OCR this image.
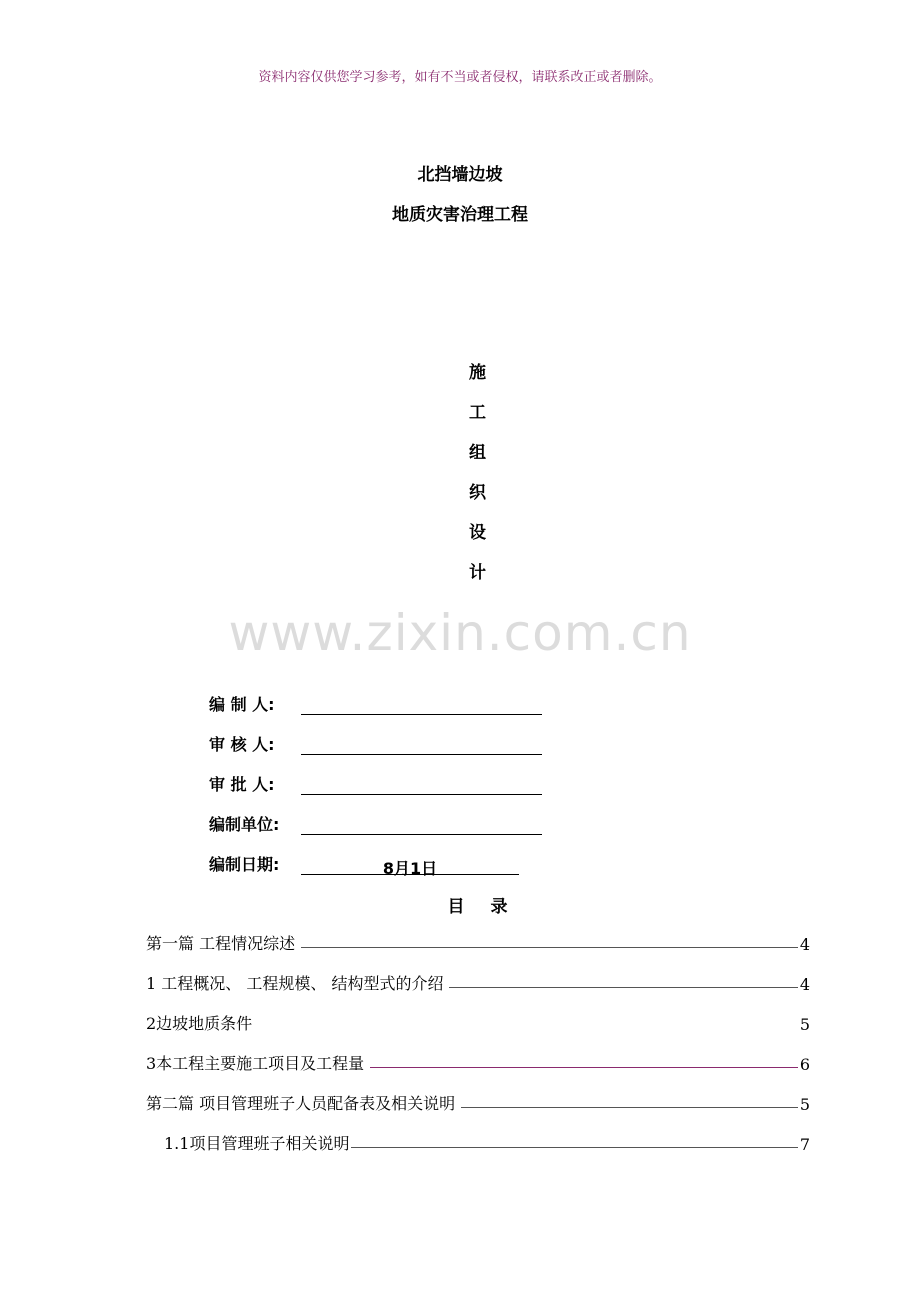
资料内容仅供您学习参考，如有不当或者侵权，请联系改正或者删除。
北挡墙边坡
地质灾害治理工程
施
工
组
织
设
计
www.zixin.com.cn
编 制 人:
审 核 人:
审 批 人:
编制单位:
编制日期:	8月1日
目 录
第一篇 工程情况综述	4
1 工程概况、 工程规模、 结构型式的介绍	4
2边坡地质条件	5
3本工程主要施工项目及工程量	6
第二篇 项目管理班子人员配备表及相关说明	5
1.1项目管理班子相关说明	7
